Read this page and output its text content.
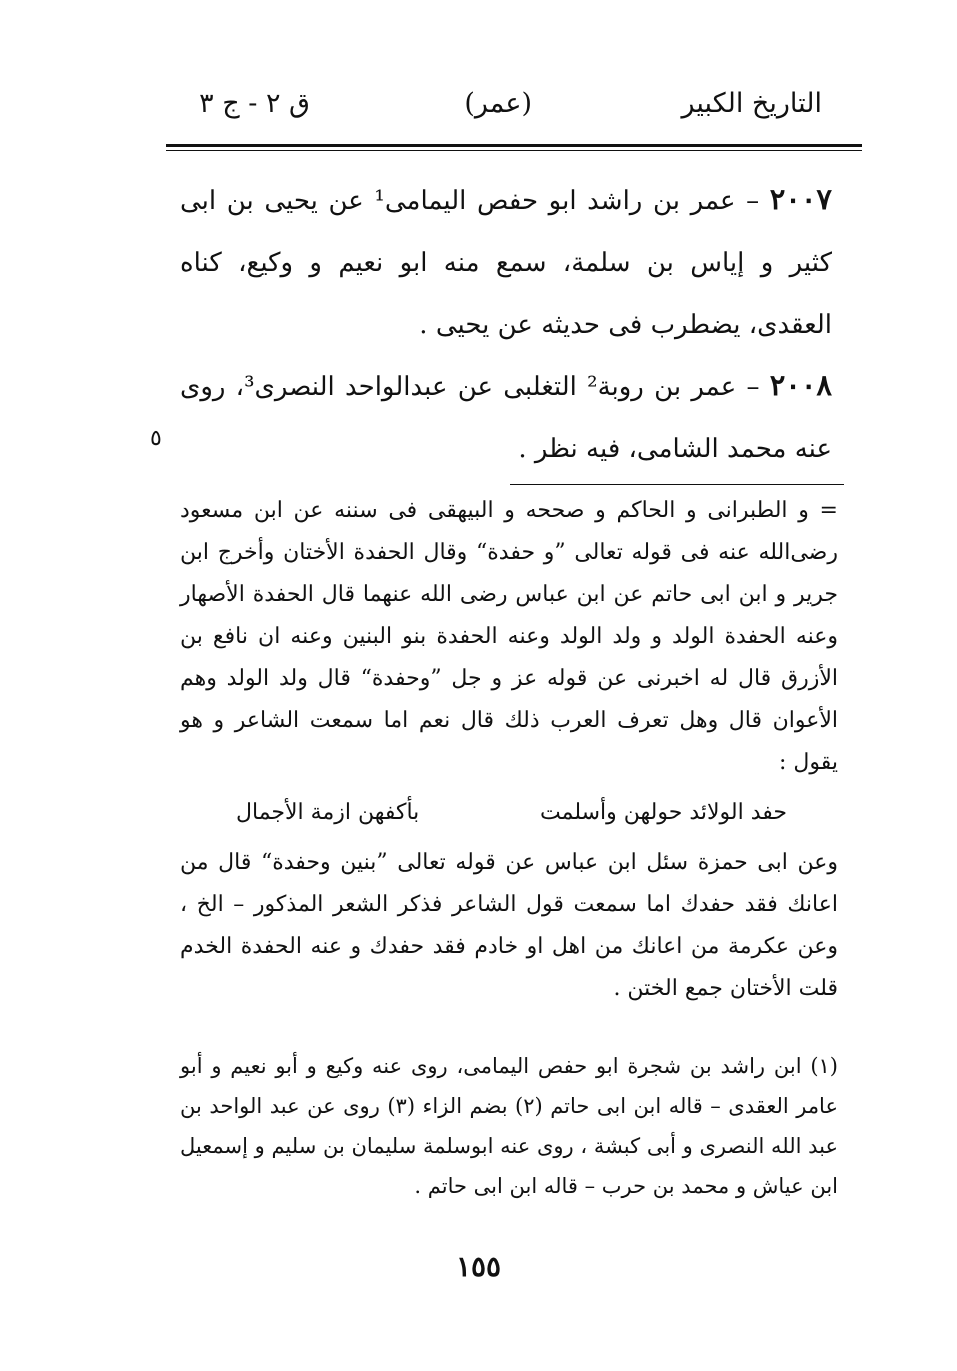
التاريخ الكبير
(عمر)
ق ٢ - ج ٣
٢٠٠٧ – عمر بن راشد ابو حفص اليمامى¹ عن يحيى بن ابى كثير و إياس بن سلمة، سمع منه ابو نعيم و وكيع، كناه العقدى، يضطرب فى حديثه عن يحيى .
٢٠٠٨ – عمر بن روبة² التغلبى عن عبدالواحد النصرى³، روى عنه محمد الشامى، فيه نظر .
٥
= و الطبرانى و الحاكم و صححه و البيهقى فى سننه عن ابن مسعود رضى‌الله عنه فى قوله تعالى ”و حفدة“ وقال الحفدة الأختان وأخرج ابن جرير و ابن ابى حاتم عن ابن عباس رضى الله عنهما قال الحفدة الأصهار وعنه الحفدة الولد و ولد الولد وعنه الحفدة بنو البنين وعنه ان نافع بن الأزرق قال له اخبرنى عن قوله عز و جل ”وحفدة“ قال ولد الولد وهم الأعوان قال وهل تعرف العرب ذلك قال نعم اما سمعت الشاعر و هو يقول :
حفد الولائد حولهن وأسلمت
بأكفهن ازمة الأجمال
وعن ابى حمزة سئل ابن عباس عن قوله تعالى ”بنين وحفدة“ قال من اعانك فقد حفدك اما سمعت قول الشاعر فذكر الشعر المذكور – الخ ، وعن عكرمة من اعانك من اهل او خادم فقد حفدك و عنه الحفدة الخدم قلت الأختان جمع الختن .
(١) ابن راشد بن شجرة ابو حفص اليمامى، روى عنه وكيع و أبو نعيم و أبو عامر العقدى – قاله ابن ابى حاتم (٢) بضم الزاء (٣) روى عن عبد الواحد بن عبد الله النصرى و أبى كبشة ، روى عنه ابوسلمة سليمان بن سليم و إسمعيل ابن عياش و محمد بن حرب – قاله ابن ابى حاتم .
١٥٥
